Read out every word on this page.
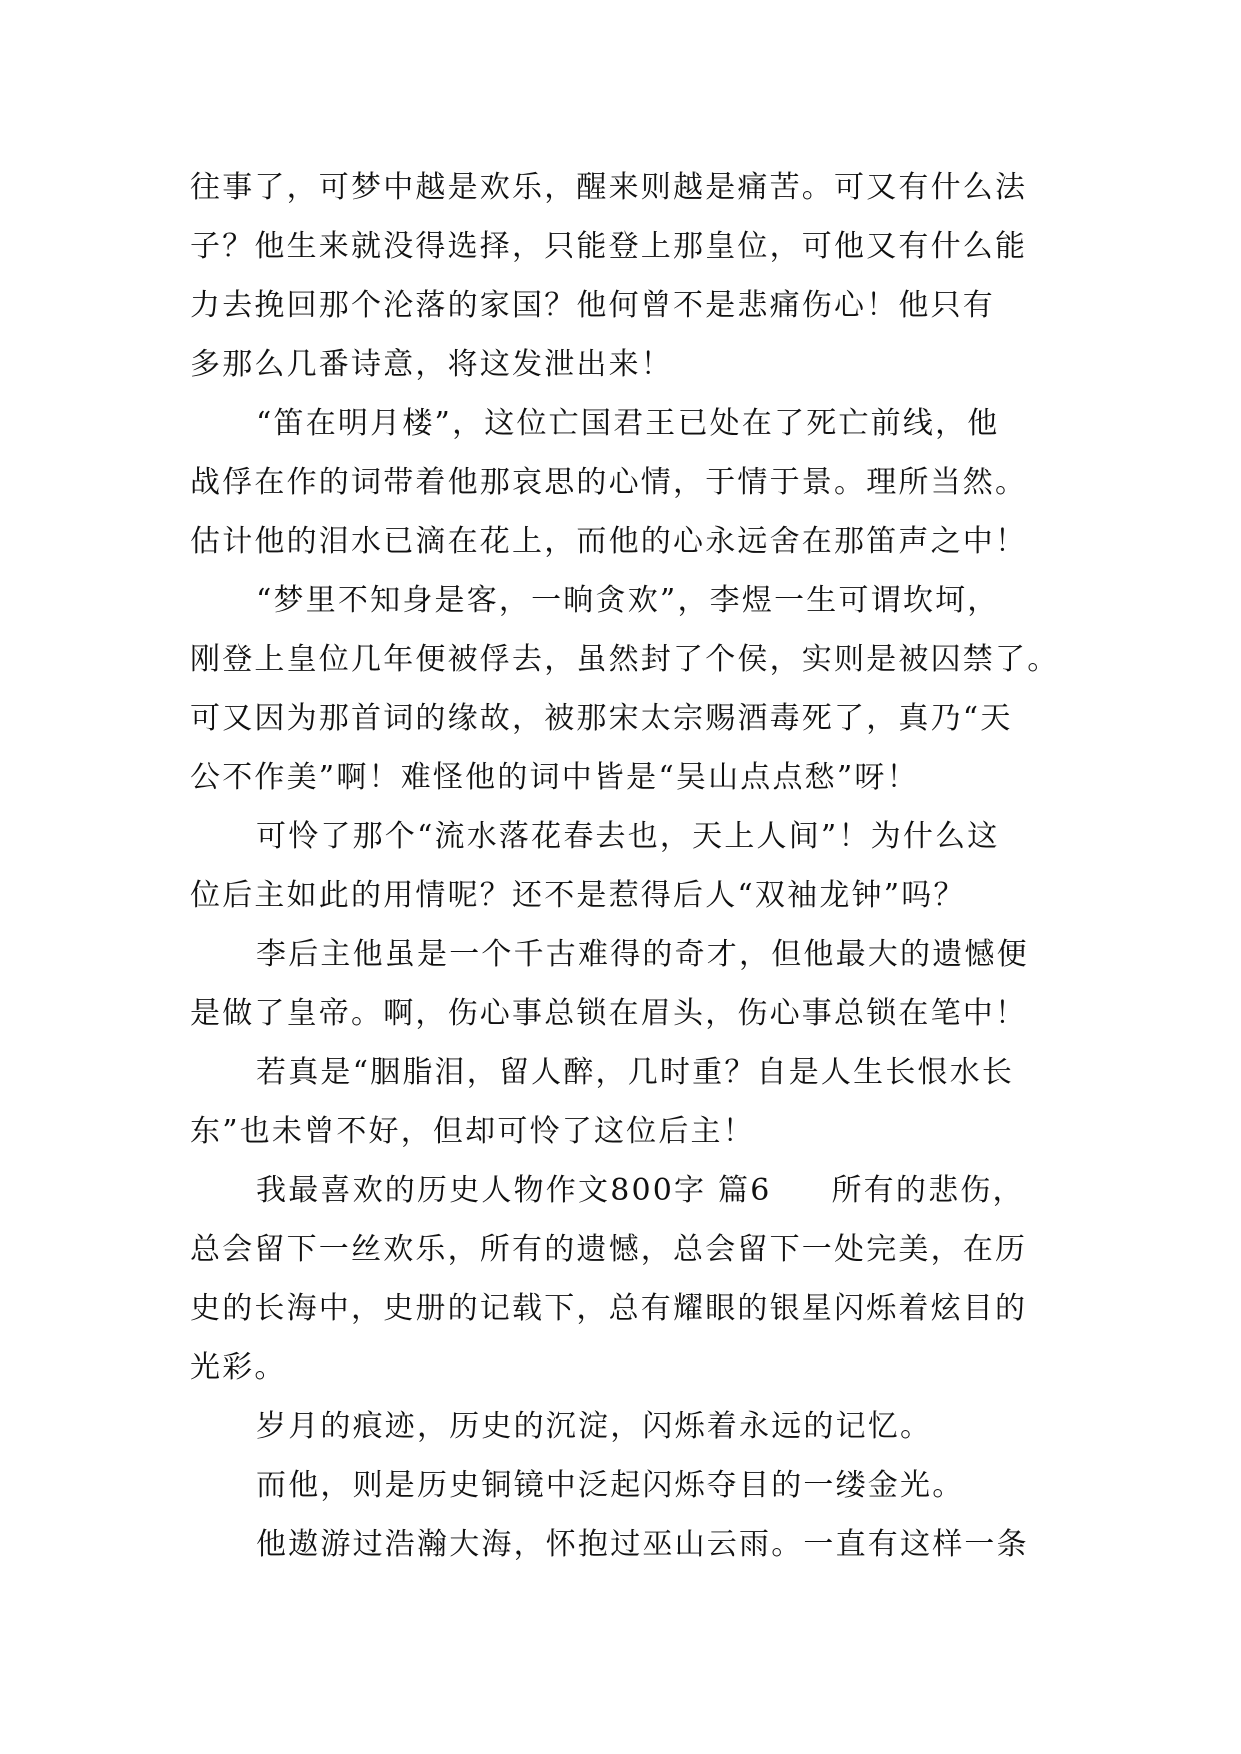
往事了，可梦中越是欢乐，醒来则越是痛苦。可又有什么法
子？他生来就没得选择，只能登上那皇位，可他又有什么能
力去挽回那个沦落的家国？他何曾不是悲痛伤心！他只有
多那么几番诗意，将这发泄出来！
“笛在明月楼”，这位亡国君王已处在了死亡前线，他
战俘在作的词带着他那哀思的心情，于情于景。理所当然。
估计他的泪水已滴在花上，而他的心永远舍在那笛声之中！
“梦里不知身是客，一晌贪欢”，李煜一生可谓坎坷，
刚登上皇位几年便被俘去，虽然封了个侯，实则是被囚禁了。
可又因为那首词的缘故，被那宋太宗赐酒毒死了，真乃“天
公不作美”啊！难怪他的词中皆是“吴山点点愁”呀！
可怜了那个“流水落花春去也，天上人间”！为什么这
位后主如此的用情呢？还不是惹得后人“双袖龙钟”吗？
李后主他虽是一个千古难得的奇才，但他最大的遗憾便
是做了皇帝。啊，伤心事总锁在眉头，伤心事总锁在笔中！
若真是“胭脂泪，留人醉，几时重？自是人生长恨水长
东”也未曾不好，但却可怜了这位后主！
我最喜欢的历史人物作文800字 篇6 所有的悲伤，
总会留下一丝欢乐，所有的遗憾，总会留下一处完美，在历
史的长海中，史册的记载下，总有耀眼的银星闪烁着炫目的
光彩。
岁月的痕迹，历史的沉淀，闪烁着永远的记忆。
而他，则是历史铜镜中泛起闪烁夺目的一缕金光。
他遨游过浩瀚大海，怀抱过巫山云雨。一直有这样一条
